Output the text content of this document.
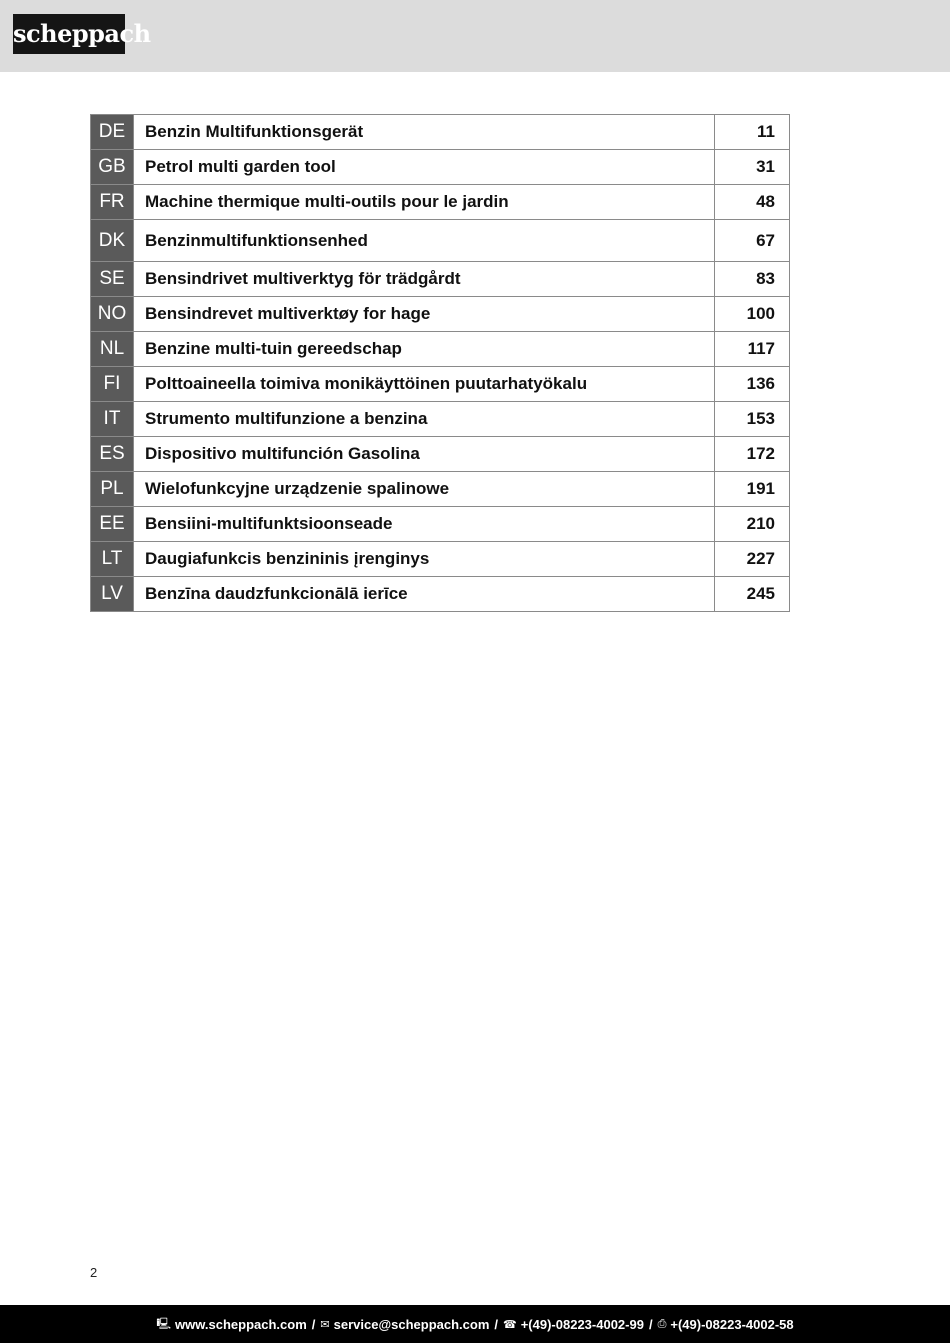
scheppach
DE	Benzin Multifunktionsgerät	11
GB	Petrol multi garden tool	31
FR	Machine thermique multi-outils pour le jardin	48
DK	Benzinmultifunktionsenhed	67
SE	Bensindrivet multiverktyg för trädgårdt	83
NO	Bensindrevet multiverktøy for hage	100
NL	Benzine multi-tuin gereedschap	117
FI	Polttoaineella toimiva monikäyttöinen puutarhatyökalu	136
IT	Strumento multifunzione a benzina	153
ES	Dispositivo multifunción Gasolina	172
PL	Wielofunkcyjne urządzenie spalinowe	191
EE	Bensiini-multifunktsioonseade	210
LT	Daugiafunkcis benzininis įrenginys	227
LV	Benzīna daudzfunkcionālā ierīce	245
2
🖳︎ www.scheppach.com / ✉︎ service@scheppach.com / ☎︎ +(49)-08223-4002-99 / ⎙︎ +(49)-08223-4002-58
